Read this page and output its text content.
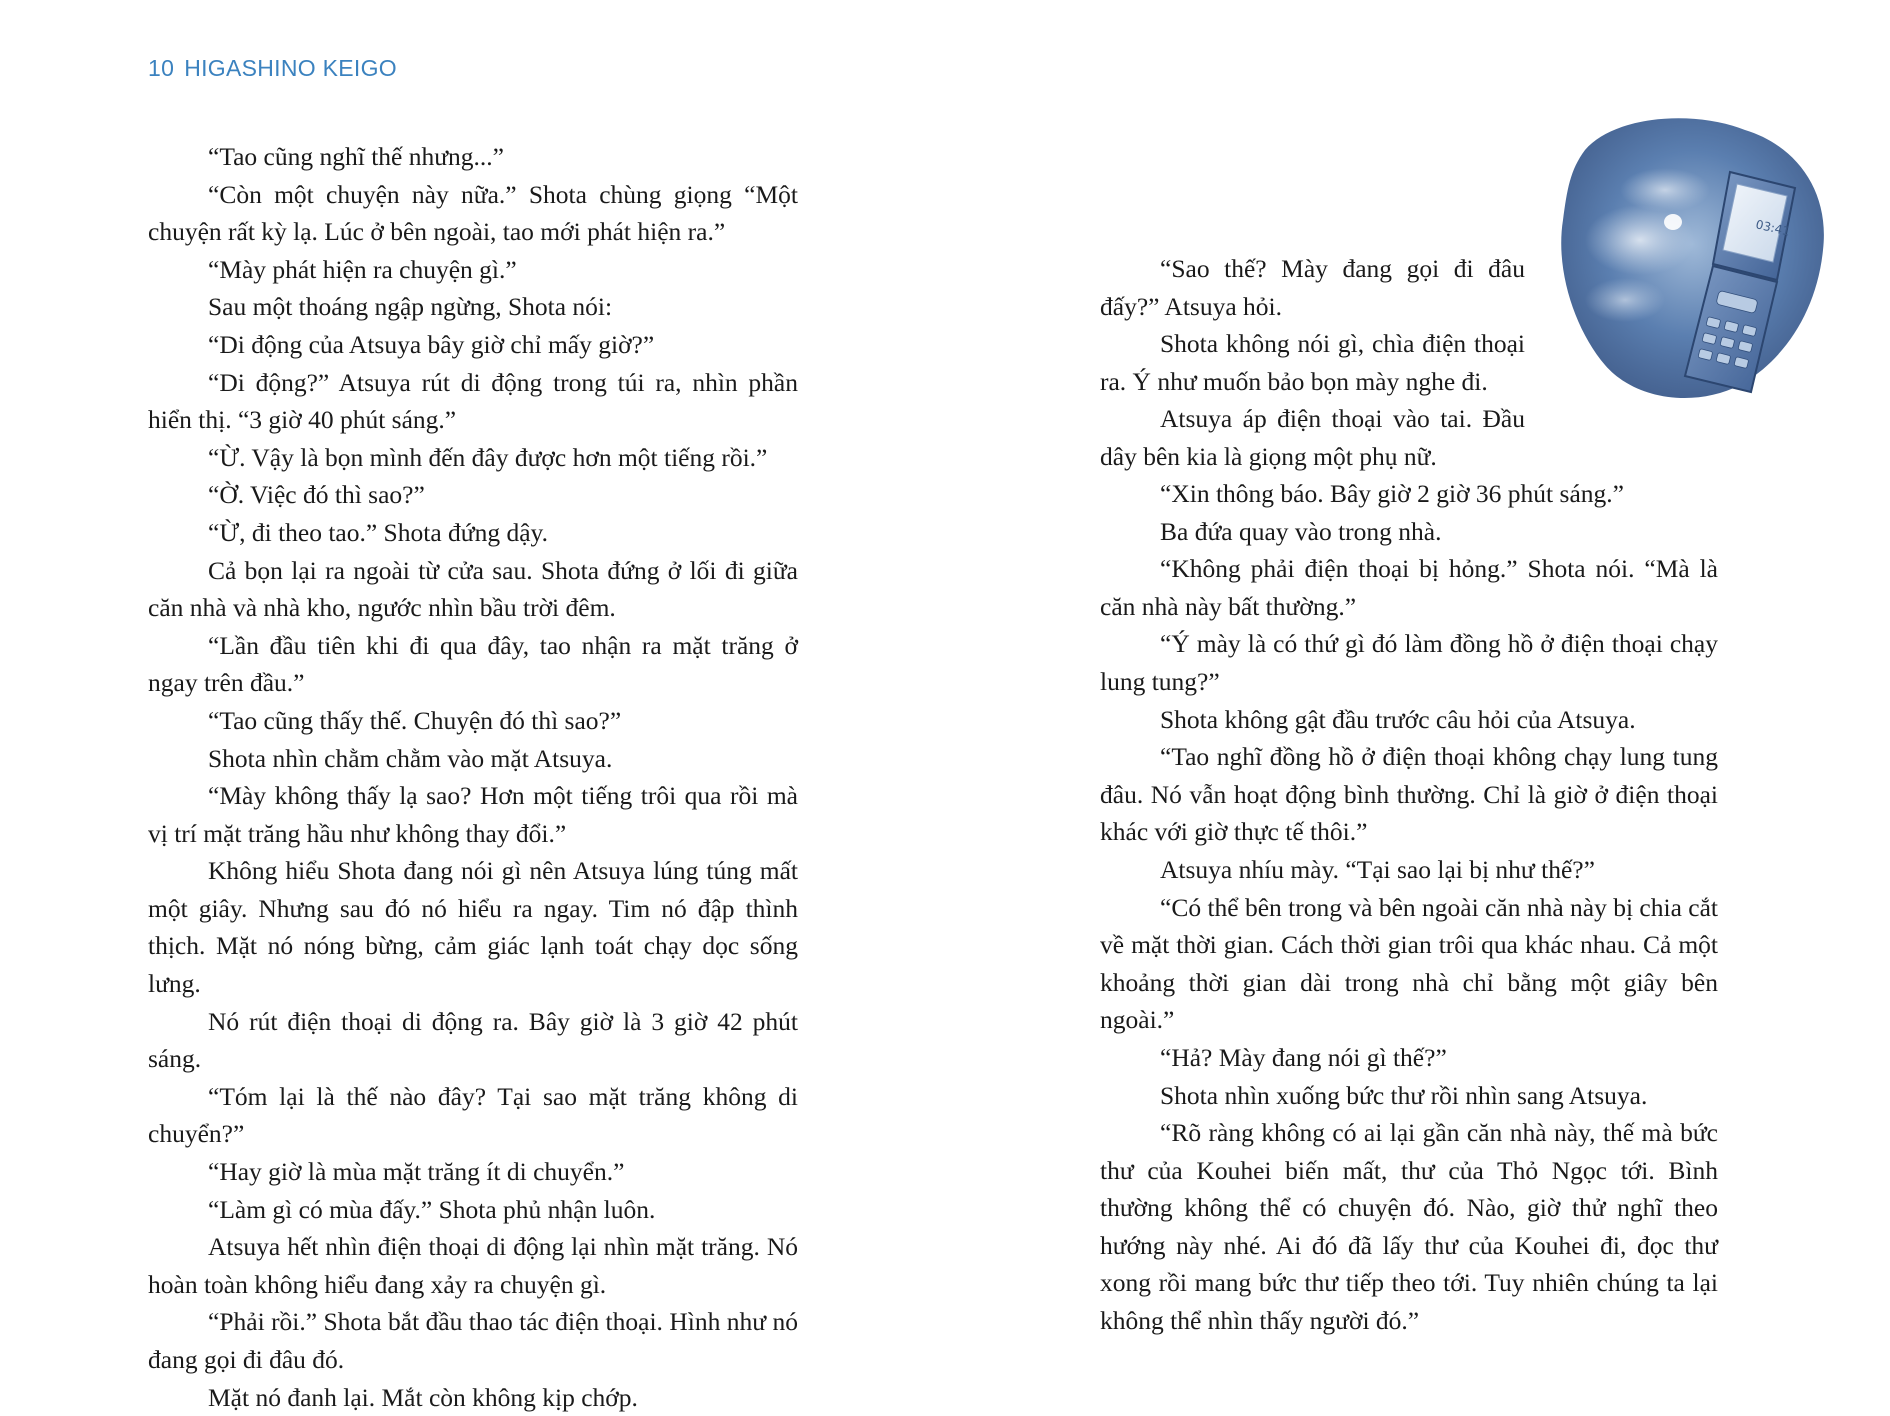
10 HIGASHINO KEIGO

“Tao cũng nghĩ thế nhưng...”

“Còn một chuyện này nữa.” Shota chùng giọng “Một chuyện rất kỳ lạ. Lúc ở bên ngoài, tao mới phát hiện ra.”

“Mày phát hiện ra chuyện gì.”

Sau một thoáng ngập ngừng, Shota nói:

“Di động của Atsuya bây giờ chỉ mấy giờ?”

“Di động?” Atsuya rút di động trong túi ra, nhìn phần hiển thị. “3 giờ 40 phút sáng.”

“Ừ. Vậy là bọn mình đến đây được hơn một tiếng rồi.”

“Ờ. Việc đó thì sao?”

“Ừ, đi theo tao.” Shota đứng dậy.

Cả bọn lại ra ngoài từ cửa sau. Shota đứng ở lối đi giữa căn nhà và nhà kho, ngước nhìn bầu trời đêm.

“Lần đầu tiên khi đi qua đây, tao nhận ra mặt trăng ở ngay trên đầu.”

“Tao cũng thấy thế. Chuyện đó thì sao?”

Shota nhìn chằm chằm vào mặt Atsuya.

“Mày không thấy lạ sao? Hơn một tiếng trôi qua rồi mà vị trí mặt trăng hầu như không thay đổi.”

Không hiểu Shota đang nói gì nên Atsuya lúng túng mất một giây. Nhưng sau đó nó hiểu ra ngay. Tim nó đập thình thịch. Mặt nó nóng bừng, cảm giác lạnh toát chạy dọc sống lưng.

Nó rút điện thoại di động ra. Bây giờ là 3 giờ 42 phút sáng.

“Tóm lại là thế nào đây? Tại sao mặt trăng không di chuyển?”

“Hay giờ là mùa mặt trăng ít di chuyển.”

“Làm gì có mùa đấy.” Shota phủ nhận luôn.

Atsuya hết nhìn điện thoại di động lại nhìn mặt trăng. Nó hoàn toàn không hiểu đang xảy ra chuyện gì.

“Phải rồi.” Shota bắt đầu thao tác điện thoại. Hình như nó đang gọi đi đâu đó.

Mặt nó đanh lại. Mắt còn không kịp chớp.

“Sao thế? Mày đang gọi đi đâu đấy?” Atsuya hỏi.

Shota không nói gì, chìa điện thoại ra. Ý như muốn bảo bọn mày nghe đi.

Atsuya áp điện thoại vào tai. Đầu dây bên kia là giọng một phụ nữ.

“Xin thông báo. Bây giờ 2 giờ 36 phút sáng.”

Ba đứa quay vào trong nhà.

“Không phải điện thoại bị hỏng.” Shota nói. “Mà là căn nhà này bất thường.”

“Ý mày là có thứ gì đó làm đồng hồ ở điện thoại chạy lung tung?”

Shota không gật đầu trước câu hỏi của Atsuya.

“Tao nghĩ đồng hồ ở điện thoại không chạy lung tung đâu. Nó vẫn hoạt động bình thường. Chỉ là giờ ở điện thoại khác với giờ thực tế thôi.”

Atsuya nhíu mày. “Tại sao lại bị như thế?”

“Có thể bên trong và bên ngoài căn nhà này bị chia cắt về mặt thời gian. Cách thời gian trôi qua khác nhau. Cả một khoảng thời gian dài trong nhà chỉ bằng một giây bên ngoài.”

“Hả? Mày đang nói gì thế?”

Shota nhìn xuống bức thư rồi nhìn sang Atsuya.

“Rõ ràng không có ai lại gần căn nhà này, thế mà bức thư của Kouhei biến mất, thư của Thỏ Ngọc tới. Bình thường không thể có chuyện đó. Nào, giờ thử nghĩ theo hướng này nhé. Ai đó đã lấy thư của Kouhei đi, đọc thư xong rồi mang bức thư tiếp theo tới. Tuy nhiên chúng ta lại không thể nhìn thấy người đó.”

03:41
